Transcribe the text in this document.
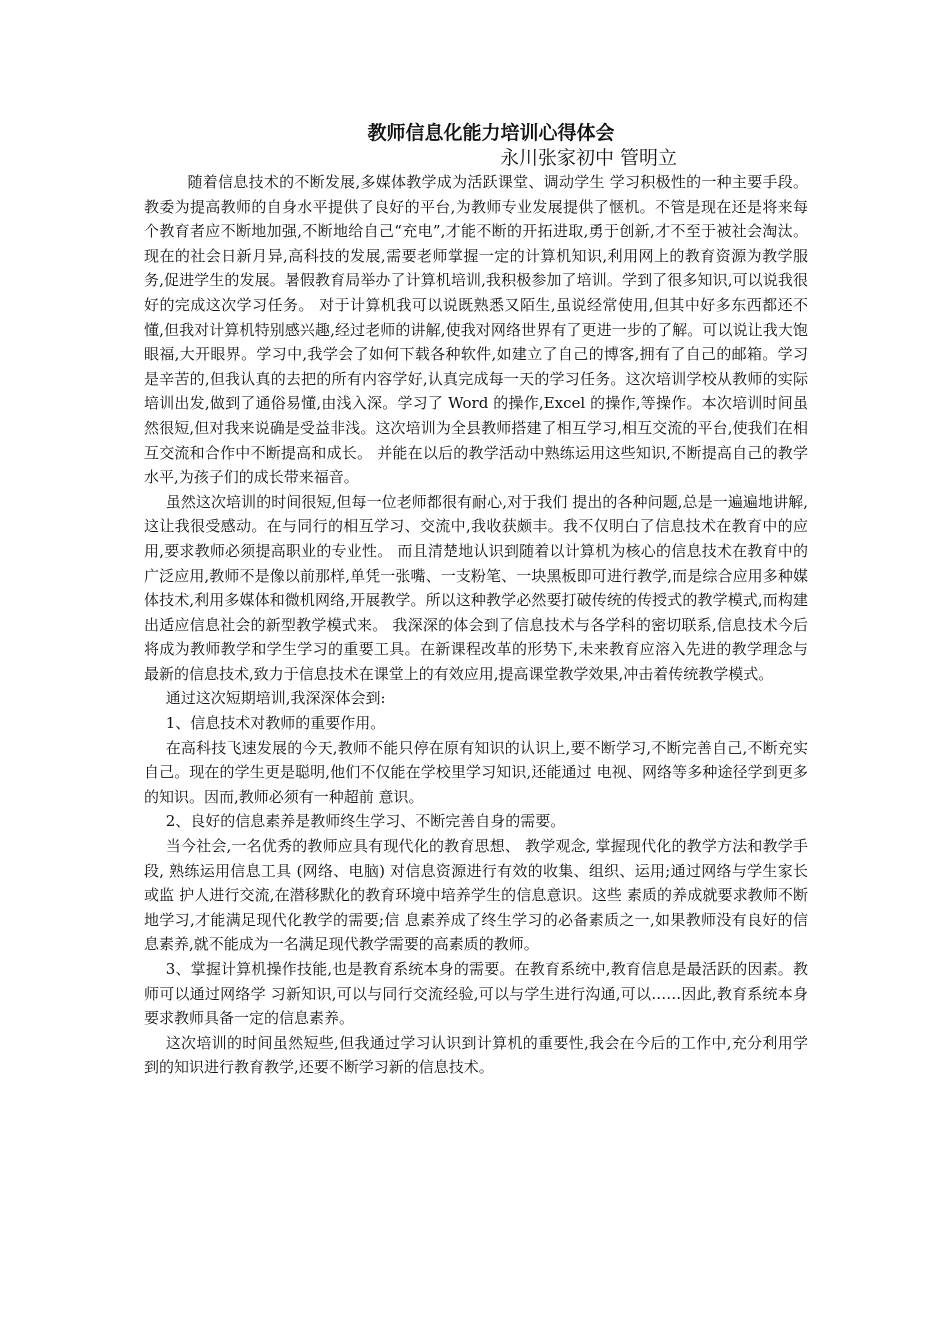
教师信息化能力培训心得体会
永川张家初中 管明立

随着信息技术的不断发展,多媒体教学成为活跃课堂、调动学生 学习积极性的一种主要手段。 教委为提高教师的自身水平提供了良好的平台,为教师专业发展提供了惬机。不管是现在还是将来每个教育者应不断地加强,不断地给自己“充电”,才能不断的开拓进取,勇于创新,才不至于被社会淘汰。现在的社会日新月异,高科技的发展,需要老师掌握一定的计算机知识,利用网上的教育资源为教学服务,促进学生的发展。暑假教育局举办了计算机培训,我积极参加了培训。学到了很多知识,可以说我很好的完成这次学习任务。 对于计算机我可以说既熟悉又陌生,虽说经常使用,但其中好多东西都还不懂,但我对计算机特别感兴趣,经过老师的讲解,使我对网络世界有了更进一步的了解。可以说让我大饱眼福,大开眼界。学习中,我学会了如何下载各种软件,如建立了自己的博客,拥有了自己的邮箱。学习是辛苦的,但我认真的去把的所有内容学好,认真完成每一天的学习任务。这次培训学校从教师的实际培训出发,做到了通俗易懂,由浅入深。学习了 Word 的操作,Excel 的操作,等操作。本次培训时间虽然很短,但对我来说确是受益非浅。这次培训为全县教师搭建了相互学习,相互交流的平台,使我们在相互交流和合作中不断提高和成长。 并能在以后的教学活动中熟练运用这些知识,不断提高自己的教学水平,为孩子们的成长带来福音。

虽然这次培训的时间很短,但每一位老师都很有耐心,对于我们 提出的各种问题,总是一遍遍地讲解,这让我很受感动。在与同行的相互学习、交流中,我收获颇丰。我不仅明白了信息技术在教育中的应用,要求教师必须提高职业的专业性。 而且清楚地认识到随着以计算机为核心的信息技术在教育中的广泛应用,教师不是像以前那样,单凭一张嘴、一支粉笔、一块黑板即可进行教学,而是综合应用多种媒体技术,利用多媒体和微机网络,开展教学。所以这种教学必然要打破传统的传授式的教学模式,而构建出适应信息社会的新型教学模式来。 我深深的体会到了信息技术与各学科的密切联系,信息技术今后将成为教师教学和学生学习的重要工具。在新课程改革的形势下,未来教育应溶入先进的教学理念与最新的信息技术,致力于信息技术在课堂上的有效应用,提高课堂教学效果,冲击着传统教学模式。

通过这次短期培训,我深深体会到:

1、信息技术对教师的重要作用。

在高科技飞速发展的今天,教师不能只停在原有知识的认识上,要不断学习,不断完善自己,不断充实自己。现在的学生更是聪明,他们不仅能在学校里学习知识,还能通过 电视、网络等多种途径学到更多的知识。因而,教师必须有一种超前 意识。

2、良好的信息素养是教师终生学习、不断完善自身的需要。

当今社会,一名优秀的教师应具有现代化的教育思想、 教学观念, 掌握现代化的教学方法和教学手段, 熟练运用信息工具 (网络、电脑) 对信息资源进行有效的收集、组织、运用;通过网络与学生家长或监 护人进行交流,在潜移默化的教育环境中培养学生的信息意识。这些 素质的养成就要求教师不断地学习,才能满足现代化教学的需要;信 息素养成了终生学习的必备素质之一,如果教师没有良好的信息素养,就不能成为一名满足现代教学需要的高素质的教师。

3、掌握计算机操作技能,也是教育系统本身的需要。在教育系统中,教育信息是最活跃的因素。教师可以通过网络学 习新知识,可以与同行交流经验,可以与学生进行沟通,可以……因此,教育系统本身要求教师具备一定的信息素养。

这次培训的时间虽然短些,但我通过学习认识到计算机的重要性,我会在今后的工作中,充分利用学到的知识进行教育教学,还要不断学习新的信息技术。
